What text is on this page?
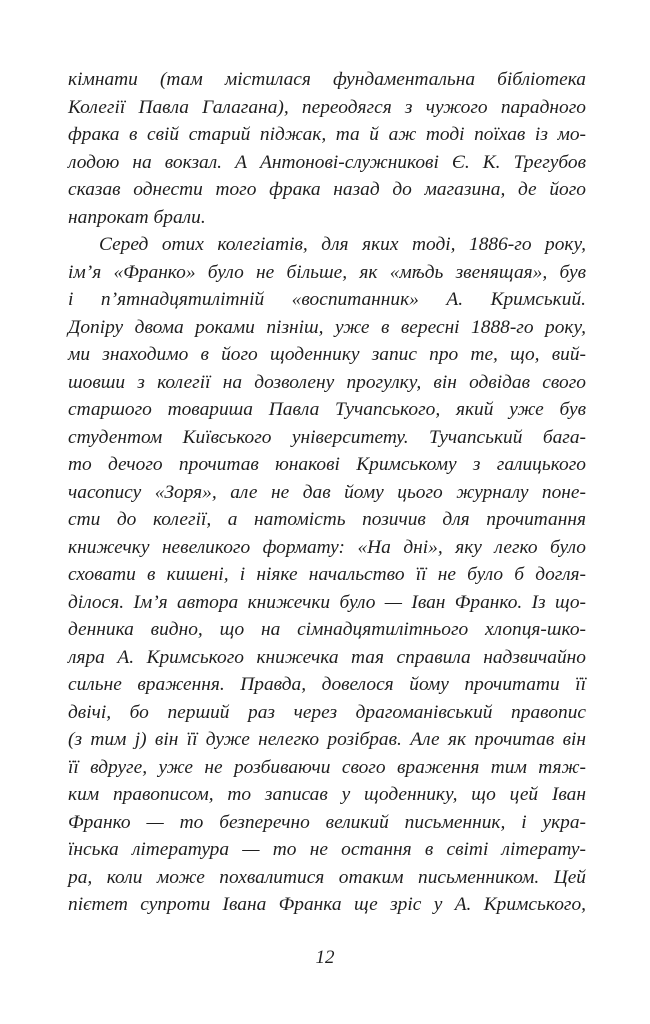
кімнати (там містилася фундаментальна бібліотека
Колегії Павла Галагана), переодягся з чужого парадного
фрака в свій старий піджак, та й аж тоді поїхав із мо-
лодою на вокзал. А Антонові-служникові Є. К. Трегубов
сказав однести того фрака назад до магазина, де його
напрокат брали.
Серед отих колегіатів, для яких тоді, 1886-го року,
ім’я «Франко» було не більше, як «мѣдь звенящая», був
і п’ятнадцятилітній «воспитанник» А. Кримський.
Допіру двома роками пізніш, уже в вересні 1888-го року,
ми знаходимо в його щоденнику запис про те, що, вий-
шовши з колегії на дозволену прогулку, він одвідав свого
старшого товариша Павла Тучапського, який уже був
студентом Київського університету. Тучапський бага-
то дечого прочитав юнакові Кримському з галицького
часопису «Зоря», але не дав йому цього журналу поне-
сти до колегії, а натомість позичив для прочитання
книжечку невеликого формату: «На дні», яку легко було
сховати в кишені, і ніяке начальство її не було б догля-
ділося. Ім’я автора книжечки було — Іван Франко. Із що-
денника видно, що на сімнадцятилітнього хлопця-шко-
ляра А. Кримського книжечка тая справила надзвичайно
сильне враження. Правда, довелося йому прочитати її
двічі, бо перший раз через драгоманівський правопис
(з тим j) він її дуже нелегко розібрав. Але як прочитав він
її вдруге, уже не розбиваючи свого враження тим тяж-
ким правописом, то записав у щоденнику, що цей Іван
Франко — то безперечно великий письменник, і укра-
їнська література — то не остання в світі літерату-
ра, коли може похвалитися отаким письменником. Цей
пієтет супроти Івана Франка ще зріс у А. Кримського,
12
